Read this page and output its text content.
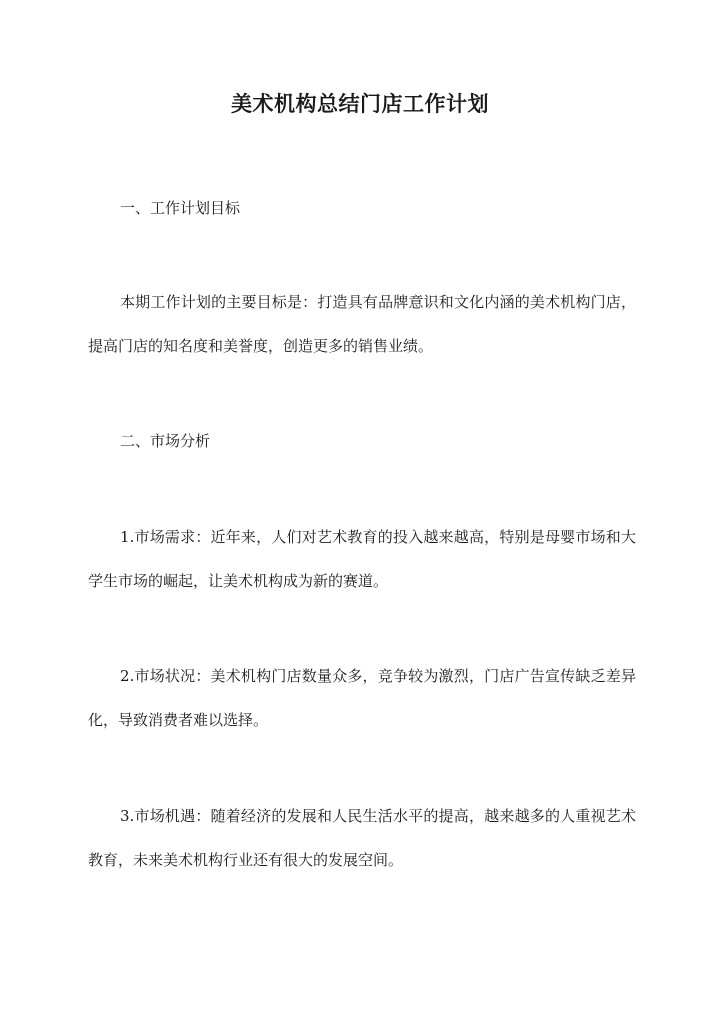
美术机构总结门店工作计划
一、工作计划目标
本期工作计划的主要目标是：打造具有品牌意识和文化内涵的美术机构门店，提高门店的知名度和美誉度，创造更多的销售业绩。
二、市场分析
1.市场需求：近年来，人们对艺术教育的投入越来越高，特别是母婴市场和大学生市场的崛起，让美术机构成为新的赛道。
2.市场状况：美术机构门店数量众多，竞争较为激烈，门店广告宣传缺乏差异化，导致消费者难以选择。
3.市场机遇：随着经济的发展和人民生活水平的提高，越来越多的人重视艺术教育，未来美术机构行业还有很大的发展空间。
